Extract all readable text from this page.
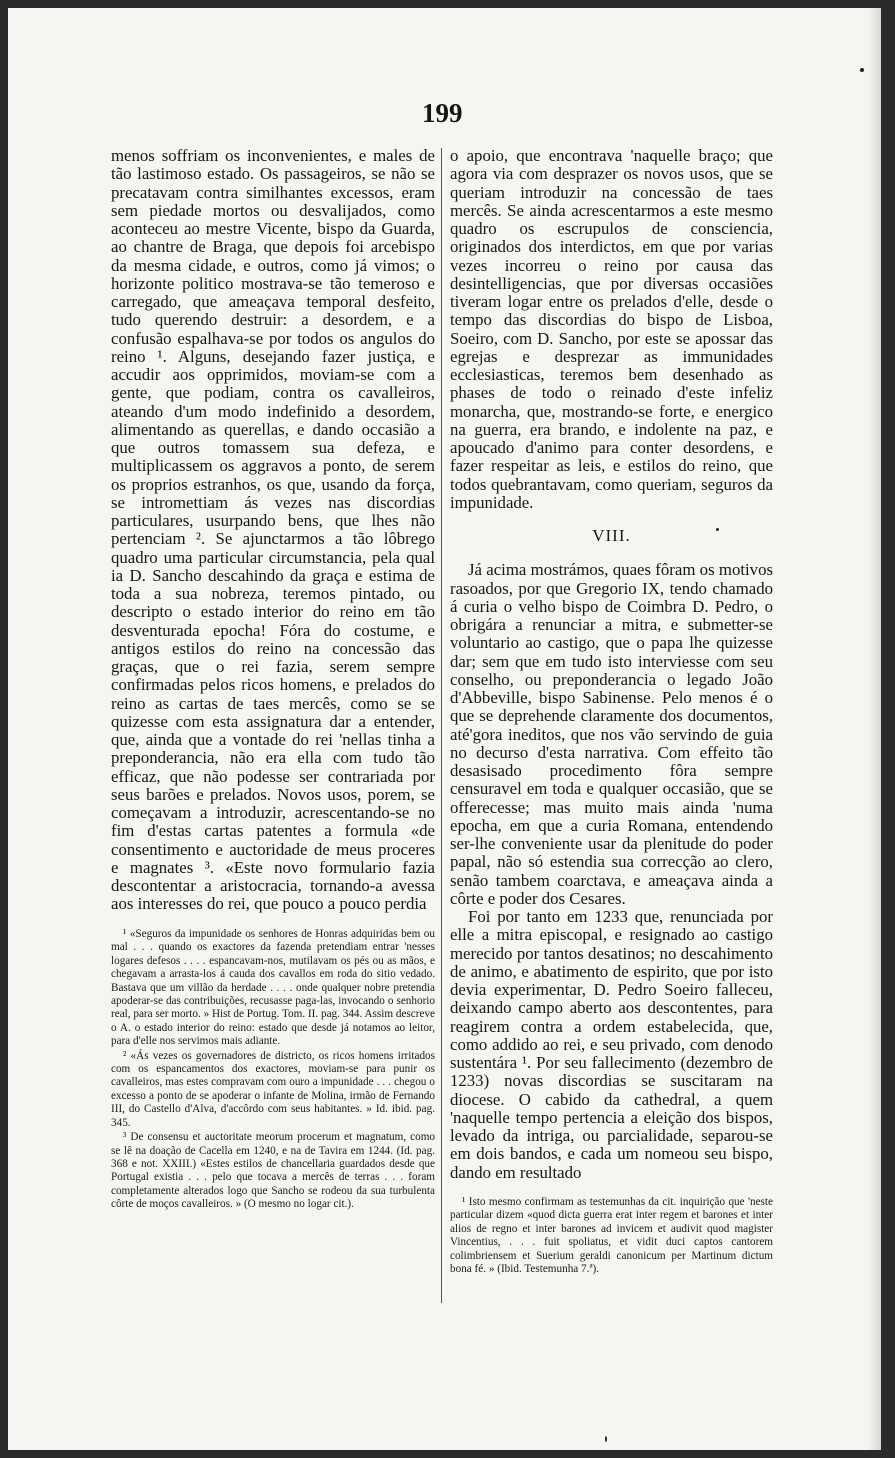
199

menos soffriam os inconvenientes, e males de tão lastimoso estado. Os passageiros, se não se precatavam contra similhantes excessos, eram sem piedade mortos ou desvalijados, como aconteceu ao mestre Vicente, bispo da Guarda, ao chantre de Braga, que depois foi arcebispo da mesma cidade, e outros, como já vimos; o horizonte politico mostrava-se tão temeroso e carregado, que ameaçava temporal desfeito, tudo querendo destruir: a desordem, e a confusão espalhava-se por todos os angulos do reino ¹. Alguns, desejando fazer justiça, e accudir aos opprimidos, moviam-se com a gente, que podiam, contra os cavalleiros, ateando d'um modo indefinido a desordem, alimentando as querellas, e dando occasião a que outros tomassem sua defeza, e multiplicassem os aggravos a ponto, de serem os proprios estranhos, os que, usando da força, se intromettiam ás vezes nas discordias particulares, usurpando bens, que lhes não pertenciam ². Se ajunctarmos a tão lôbrego quadro uma particular circumstancia, pela qual ia D. Sancho descahindo da graça e estima de toda a sua nobreza, teremos pintado, ou descripto o estado interior do reino em tão desventurada epocha! Fóra do costume, e antigos estilos do reino na concessão das graças, que o rei fazia, serem sempre confirmadas pelos ricos homens, e prelados do reino as cartas de taes mercês, como se se quizesse com esta assignatura dar a entender, que, ainda que a vontade do rei 'nellas tinha a preponderancia, não era ella com tudo tão efficaz, que não podesse ser contrariada por seus barões e prelados. Novos usos, porem, se começavam a introduzir, acrescentando-se no fim d'estas cartas patentes a formula «de consentimento e auctoridade de meus proceres e magnates ³. «Este novo formulario fazia descontentar a aristocracia, tornando-a avessa aos interesses do rei, que pouco a pouco perdia

o apoio, que encontrava 'naquelle braço; que agora via com desprazer os novos usos, que se queriam introduzir na concessão de taes mercês. Se ainda acrescentarmos a este mesmo quadro os escrupulos de consciencia, originados dos interdictos, em que por varias vezes incorreu o reino por causa das desintelligencias, que por diversas occasiões tiveram logar entre os prelados d'elle, desde o tempo das discordias do bispo de Lisboa, Soeiro, com D. Sancho, por este se apossar das egrejas e desprezar as immunidades ecclesiasticas, teremos bem desenhado as phases de todo o reinado d'este infeliz monarcha, que, mostrando-se forte, e energico na guerra, era brando, e indolente na paz, e apoucado d'animo para conter desordens, e fazer respeitar as leis, e estilos do reino, que todos quebrantavam, como queriam, seguros da impunidade.

VIII.

Já acima mostrámos, quaes fôram os motivos rasoados, por que Gregorio IX, tendo chamado á curia o velho bispo de Coimbra D. Pedro, o obrigára a renunciar a mitra, e submetter-se voluntario ao castigo, que o papa lhe quizesse dar; sem que em tudo isto interviesse com seu conselho, ou preponderancia o legado João d'Abbeville, bispo Sabinense. Pelo menos é o que se deprehende claramente dos documentos, até'gora ineditos, que nos vão servindo de guia no decurso d'esta narrativa. Com effeito tão desasisado procedimento fôra sempre censuravel em toda e qualquer occasião, que se offerecesse; mas muito mais ainda 'numa epocha, em que a curia Romana, entendendo ser-lhe conveniente usar da plenitude do poder papal, não só estendia sua correcção ao clero, senão tambem coarctava, e ameaçava ainda a côrte e poder dos Cesares.

Foi por tanto em 1233 que, renunciada por elle a mitra episcopal, e resignado ao castigo merecido por tantos desatinos; no descahimento de animo, e abatimento de espirito, que por isto devia experimentar, D. Pedro Soeiro falleceu, deixando campo aberto aos descontentes, para reagirem contra a ordem estabelecida, que, como addido ao rei, e seu privado, com denodo sustentára ¹. Por seu fallecimento (dezembro de 1233) novas discordias se suscitaram na diocese. O cabido da cathedral, a quem 'naquelle tempo pertencia a eleição dos bispos, levado da intriga, ou parcialidade, separou-se em dois bandos, e cada um nomeou seu bispo, dando em resultado

¹ «Seguros da impunidade os senhores de Honras adquiridas bem ou mal . . . quando os exactores da fazenda pretendiam entrar 'nesses logares defesos . . . . espancavam-nos, mutilavam os pés ou as mãos, e chegavam a arrasta-los á cauda dos cavallos em roda do sitio vedado. Bastava que um villão da herdade . . . . onde qualquer nobre pretendia apoderar-se das contribuições, recusasse paga-las, invocando o senhorio real, para ser morto. » Hist de Portug. Tom. II. pag. 344. Assim descreve o A. o estado interior do reino: estado que desde já notamos ao leitor, para d'elle nos servimos mais adiante.

² «Ás vezes os governadores de districto, os ricos homens irritados com os espancamentos dos exactores, moviam-se para punir os cavalleiros, mas estes compravam com ouro a impunidade . . . chegou o excesso a ponto de se apoderar o infante de Molina, irmão de Fernando III, do Castello d'Alva, d'accôrdo com seus habitantes. » Id. ibid. pag. 345.

³ De consensu et auctoritate meorum procerum et magnatum, como se lê na doação de Cacella em 1240, e na de Tavira em 1244. (Id. pag. 368 e not. XXIII.) «Estes estilos de chancellaria guardados desde que Portugal existia . . . pelo que tocava a mercês de terras . . . foram completamente alterados logo que Sancho se rodeou da sua turbulenta côrte de moços cavalleiros. » (O mesmo no logar cit.).	¹ Isto mesmo confirmam as testemunhas da cit. inquirição que 'neste particular dizem «quod dicta guerra erat inter regem et barones et inter alios de regno et inter barones ad invicem et audivit quod magister Vincentius, . . . fuit spoliatus, et vidit duci captos cantorem colimbriensem et Suerium geraldi canonicum per Martinum dictum bona fé. » (Ibid. Testemunha 7.ª).
